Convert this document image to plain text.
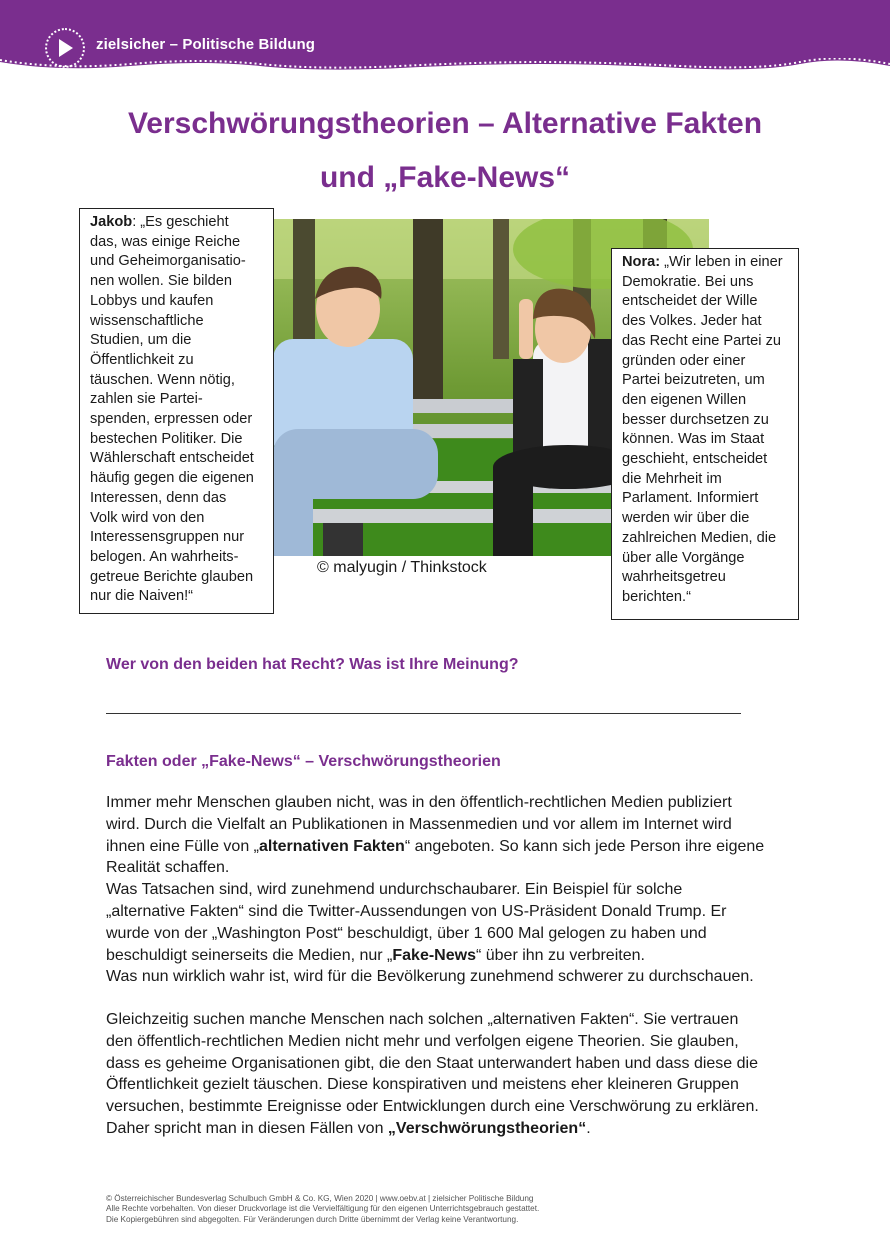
zielsicher – Politische Bildung
Verschwörungstheorien – Alternative Fakten
und „Fake-News“
© malyugin / Thinkstock
Jakob: „Es geschieht
das, was einige Reiche
und Geheimorganisatio-
nen wollen. Sie bilden
Lobbys und kaufen
wissenschaftliche
Studien, um die
Öffentlichkeit zu
täuschen. Wenn nötig,
zahlen sie Partei-
spenden, erpressen oder
bestechen Politiker. Die
Wählerschaft entscheidet
häufig gegen die eigenen
Interessen, denn das
Volk wird von den
Interessensgruppen nur
belogen. An wahrheits-
getreue Berichte glauben
nur die Naiven!“
Nora: „Wir leben in einer
Demokratie. Bei uns
entscheidet der Wille
des Volkes. Jeder hat
das Recht eine Partei zu
gründen oder einer
Partei beizutreten, um
den eigenen Willen
besser durchsetzen zu
können. Was im Staat
geschieht, entscheidet
die Mehrheit im
Parlament. Informiert
werden wir über die
zahlreichen Medien, die
über alle Vorgänge
wahrheitsgetreu
berichten.“
Wer von den beiden hat Recht? Was ist Ihre Meinung?
Fakten oder „Fake-News“ – Verschwörungstheorien
Immer mehr Menschen glauben nicht, was in den öffentlich-rechtlichen Medien publiziert
wird. Durch die Vielfalt an Publikationen in Massenmedien und vor allem im Internet wird
ihnen eine Fülle von „alternativen Fakten“ angeboten. So kann sich jede Person ihre eigene
Realität schaffen.
Was Tatsachen sind, wird zunehmend undurchschaubarer. Ein Beispiel für solche
„alternative Fakten“ sind die Twitter-Aussendungen von US-Präsident Donald Trump. Er
wurde von der „Washington Post“ beschuldigt, über 1 600 Mal gelogen zu haben und
beschuldigt seinerseits die Medien, nur „Fake-News“ über ihn zu verbreiten.
Was nun wirklich wahr ist, wird für die Bevölkerung zunehmend schwerer zu durchschauen.
Gleichzeitig suchen manche Menschen nach solchen „alternativen Fakten“. Sie vertrauen
den öffentlich-rechtlichen Medien nicht mehr und verfolgen eigene Theorien. Sie glauben,
dass es geheime Organisationen gibt, die den Staat unterwandert haben und dass diese die
Öffentlichkeit gezielt täuschen. Diese konspirativen und meistens eher kleineren Gruppen
versuchen, bestimmte Ereignisse oder Entwicklungen durch eine Verschwörung zu erklären.
Daher spricht man in diesen Fällen von „Verschwörungstheorien“.
© Österreichischer Bundesverlag Schulbuch GmbH & Co. KG, Wien 2020 | www.oebv.at | zielsicher Politische Bildung
Alle Rechte vorbehalten. Von dieser Druckvorlage ist die Vervielfältigung für den eigenen Unterrichtsgebrauch gestattet.
Die Kopiergebühren sind abgegolten. Für Veränderungen durch Dritte übernimmt der Verlag keine Verantwortung.
